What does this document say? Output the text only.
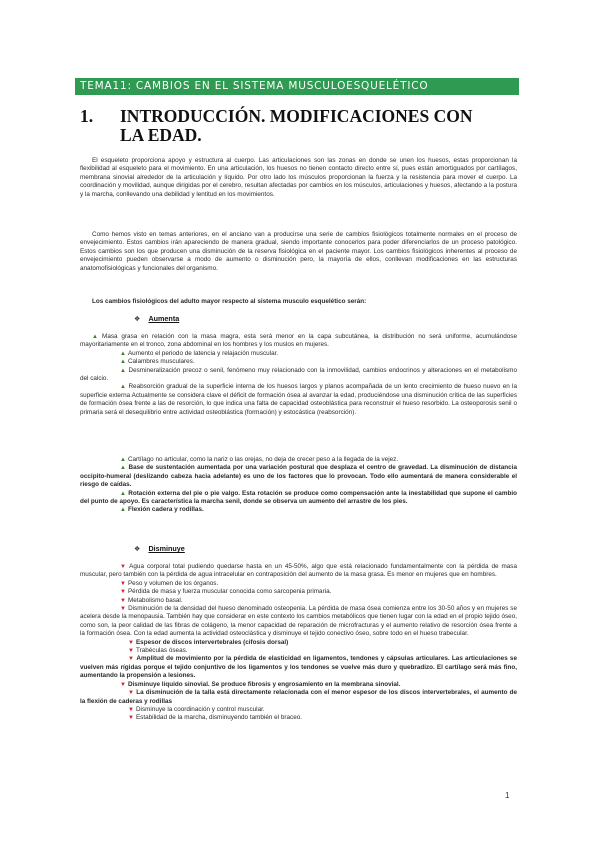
TEMA11: CAMBIOS EN EL SISTEMA MUSCULOESQUELÉTICO
1. INTRODUCCIÓN. MODIFICACIONES CON LA EDAD.

El esqueleto proporciona apoyo y estructura al cuerpo. Las articulaciones son las zonas en donde se unen los huesos, estas proporcionan la flexibilidad al esqueleto para el movimiento. En una articulación, los huesos no tienen contacto directo entre sí, pues están amortiguados por cartílagos, membrana sinovial alrededor de la articulación y líquido. Por otro lado los músculos proporcionan la fuerza y la resistencia para mover el cuerpo. La coordinación y movilidad, aunque dirigidas por el cerebro, resultan afectadas por cambios en los músculos, articulaciones y huesos, afectando a la postura y la marcha, conllevando una debilidad y lentitud en los movimientos.

Como hemos visto en temas anteriores, en el anciano van a producirse una serie de cambios fisiológicos totalmente normales en el proceso de envejecimiento. Estos cambios irán apareciendo de manera gradual, siendo importante conocerlos para poder diferenciarlos de un proceso patológico. Estos cambios son los que producen una disminución de la reserva fisiológica en el paciente mayor. Los cambios fisiológicos inherentes al proceso de envejecimiento pueden observarse a modo de aumento o disminución pero, la mayoría de ellos, conllevan modificaciones en las estructuras anatomofisiológicas y funcionales del organismo.

Los cambios fisiológicos del adulto mayor respecto al sistema musculo esquelético serán:
❖ Aumenta

▲ Masa grasa en relación con la masa magra, esta será menor en la capa subcutánea, la distribución no será uniforme, acumulándose mayoritariamente en el tronco, zona abdominal en los hombres y los muslos en mujeres.

▲ Aumento el periodo de latencia y relajación muscular.

▲ Calambres musculares.

▲ Desmineralización precoz o senil, fenómeno muy relacionado con la inmovilidad, cambios endocrinos y alteraciones en el metabolismo del calcio.

▲ Reabsorción gradual de la superficie interna de los huesos largos y planos acompañada de un lento crecimiento de hueso nuevo en la superficie externa Actualmente se considera clave el déficit de formación ósea al avanzar la edad, produciéndose una disminución crítica de las superficies de formación ósea frente a las de resorción, lo que indica una falta de capacidad osteoblástica para reconstruir el hueso resorbido. La osteoporosis senil o primaria será el desequilibrio entre actividad osteoblástica (formación) y estocástica (reabsorción).

▲ Cartílago no articular, como la nariz o las orejas, no deja de crecer peso a la llegada de la vejez.

▲ Base de sustentación aumentada por una variación postural que desplaza el centro de gravedad. La disminución de distancia occipito-humeral (deslizando cabeza hacia adelante) es uno de los factores que lo provocan. Todo ello aumentará de manera considerable el riesgo de caídas.

▲ Rotación externa del pie o pie valgo. Esta rotación se produce como compensación ante la inestabilidad que supone el cambio del punto de apoyo. Es característica la marcha senil, donde se observa un aumento del arrastre de los pies.

▲ Flexión cadera y rodillas.

❖ Disminuye

▼ Agua corporal total pudiendo quedarse hasta en un 45-50%, algo que está relacionado fundamentalmente con la pérdida de masa muscular, pero también con la pérdida de agua intracelular en contraposición del aumento de la masa grasa. Es menor en mujeres que en hombres.

▼ Peso y volumen de los órganos.

▼ Pérdida de masa y fuerza muscular conocida como sarcopenia primaria.

▼ Metabolismo basal.

▼ Disminución de la densidad del hueso denominado osteopenia. La pérdida de masa ósea comienza entre los 30-50 años y en mujeres se acelera desde la menopausia. También hay que considerar en este contexto los cambios metabólicos que tienen lugar con la edad en el propio tejido óseo, como son, la peor calidad de las fibras de colágeno, la menor capacidad de reparación de microfracturas y el aumento relativo de resorción ósea frente a la formación ósea. Con la edad aumenta la actividad osteoclástica y disminuye el tejido conectivo óseo, sobre todo en el hueso trabecular.

▼ Espesor de discos intervertebrales (cifosis dorsal)

▼ Trabéculas óseas.

▼ Amplitud de movimiento por la pérdida de elasticidad en ligamentos, tendones y cápsulas articulares. Las articulaciones se vuelven más rígidas porque el tejido conjuntivo de los ligamentos y los tendones se vuelve más duro y quebradizo. El cartílago será más fino, aumentando la propensión a lesiones.

▼ Disminuye líquido sinovial. Se produce fibrosis y engrosamiento en la membrana sinovial.

▼ La disminución de la talla está directamente relacionada con el menor espesor de los discos intervertebrales, el aumento de la flexión de caderas y rodillas

▼ Disminuye la coordinación y control muscular.

▼ Estabilidad de la marcha, disminuyendo también el braceo.

1
